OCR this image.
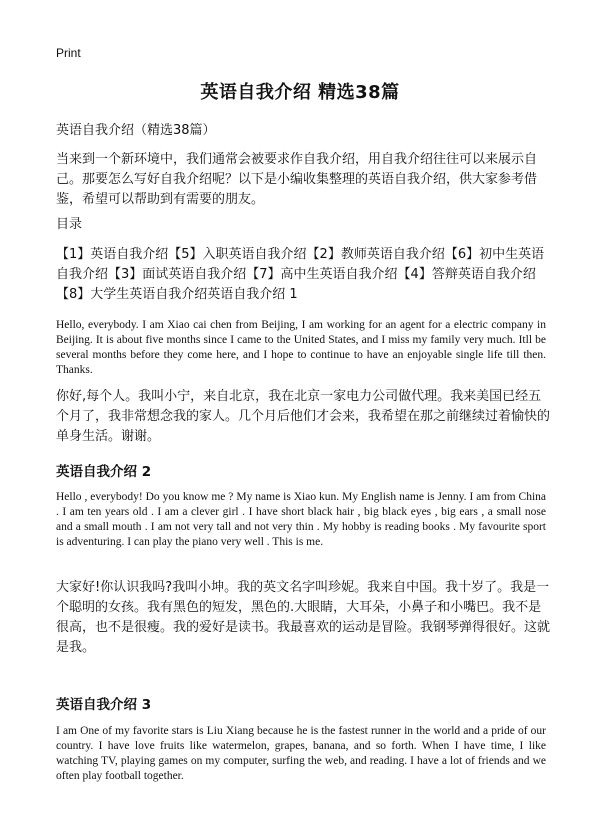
Print
英语自我介绍 精选38篇
英语自我介绍（精选38篇）
当来到一个新环境中，我们通常会被要求作自我介绍，用自我介绍往往可以来展示自己。那要怎么写好自我介绍呢？以下是小编收集整理的英语自我介绍，供大家参考借鉴，希望可以帮助到有需要的朋友。
目录
【1】英语自我介绍【5】入职英语自我介绍【2】教师英语自我介绍【6】初中生英语自我介绍【3】面试英语自我介绍【7】高中生英语自我介绍【4】答辩英语自我介绍【8】大学生英语自我介绍英语自我介绍 1
Hello, everybody. I am Xiao cai chen from Beijing, I am working for an agent for a electric company in Beijing. It is about five months since I came to the United States, and I miss my family very much. Itll be several months before they come here, and I hope to continue to have an enjoyable single life till then. Thanks.
你好,每个人。我叫小宁，来自北京，我在北京一家电力公司做代理。我来美国已经五个月了，我非常想念我的家人。几个月后他们才会来，我希望在那之前继续过着愉快的单身生活。谢谢。
英语自我介绍 2
Hello , everybody! Do you know me ? My name is Xiao kun. My English name is Jenny. I am from China . I am ten years old . I am a clever girl . I have short black hair , big black eyes , big ears , a small nose and a small mouth . I am not very tall and not very thin . My hobby is reading books . My favourite sport is adventuring. I can play the piano very well . This is me.
大家好!你认识我吗?我叫小坤。我的英文名字叫珍妮。我来自中国。我十岁了。我是一个聪明的女孩。我有黑色的短发，黑色的.大眼睛，大耳朵，小鼻子和小嘴巴。我不是很高，也不是很瘦。我的爱好是读书。我最喜欢的运动是冒险。我钢琴弹得很好。这就是我。
英语自我介绍 3
I am One of my favorite stars is Liu Xiang because he is the fastest runner in the world and a pride of our country. I have love fruits like watermelon, grapes, banana, and so forth. When I have time, I like watching TV, playing games on my computer, surfing the web, and reading. I have a lot of friends and we often play football together.
